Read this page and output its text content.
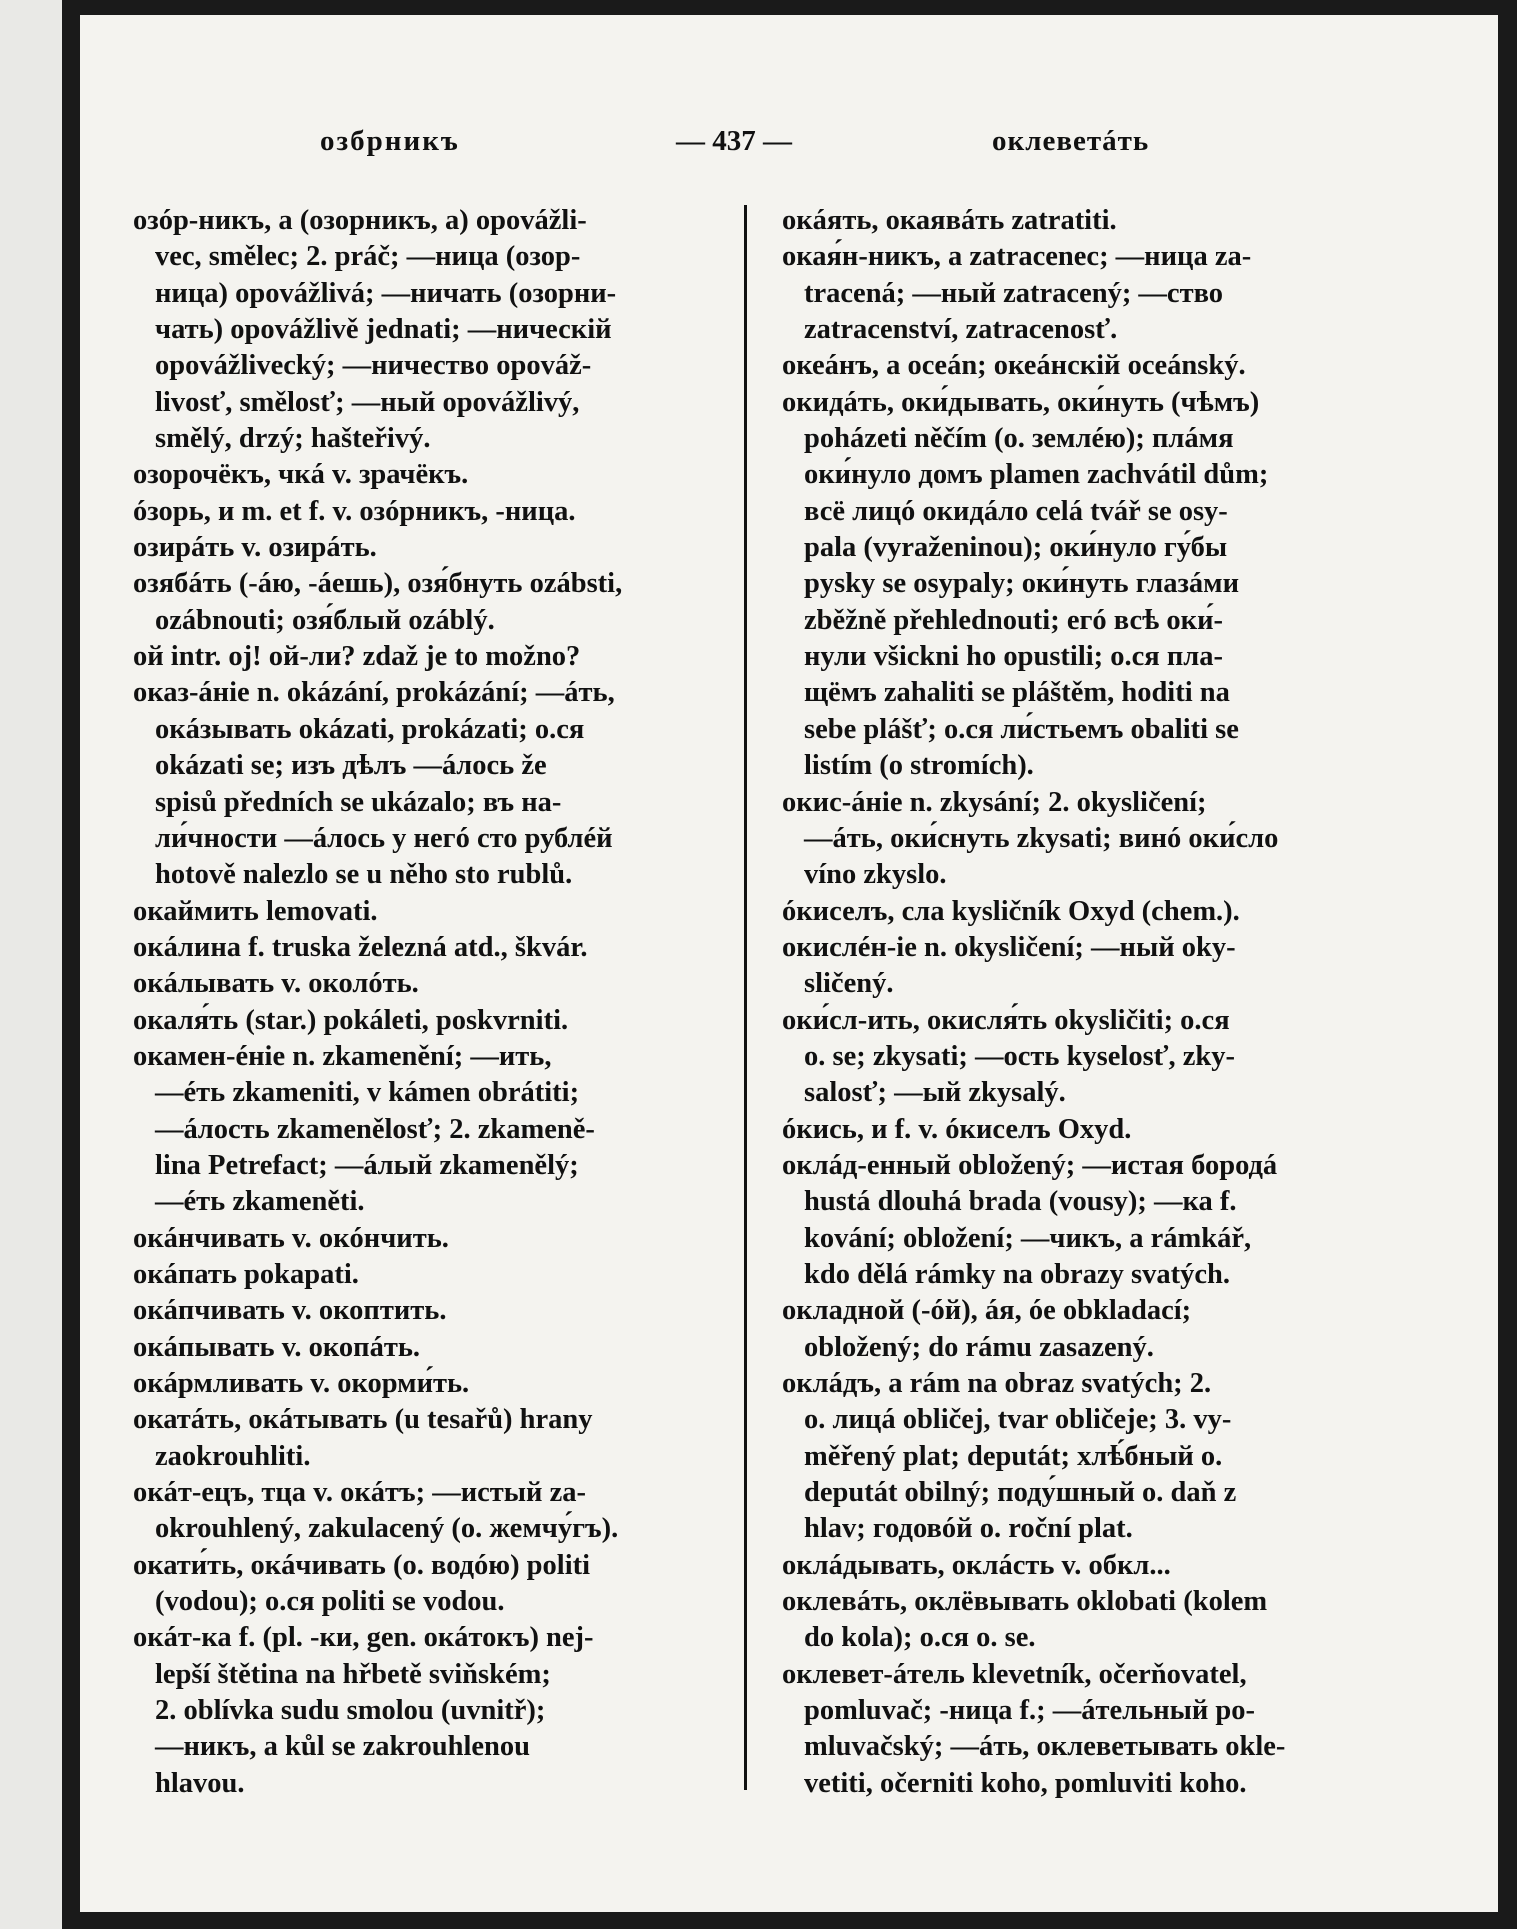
озбрникъ	— 437 —	оклеветáть
озóр-никъ, а (озорникъ, а) opovážli-
vec, smělec; 2. práč; —ница (озор-
ница) opovážlivá; —ничать (озорни-
чать) opovážlivě jednati; —ническій
opovážlivecký; —ничество opováž-
livosť, smělosť; —ный opovážlivý,
smělý, drzý; hašteřivý.
озорочёкъ, чкá v. зрачёкъ.
óзорь, и m. et f. v. озóрникъ, -ница.
озирáть v. озирáть.
озябáть (-áю, -áешь), озя́бнуть ozábsti,
ozábnouti; озя́блый ozáblý.
ой intr. oj! ой-ли? zdaž je to možno?
оказ-áніе n. okázání, prokázání; —áть,
окáзывать okázati, prokázati; о.ся
okázati se; изъ дѣлъ —áлось že
spisů předních se ukázalo; въ на-
ли́чности —áлось у негó сто рублéй
hotově nalezlo se u něho sto rublů.
окаймить lemovati.
окáлина f. truska železná atd., škvár.
окáлывать v. околóть.
окаля́ть (star.) pokáleti, poskvrniti.
окамен-éніе n. zkamenění; —ить,
—éть zkameniti, v kámen obrátiti;
—áлость zkamenělosť; 2. zkameně-
lina Petrefact; —áлый zkamenělý;
—éть zkameněti.
окáнчивать v. окóнчить.
окáпать pokapati.
окáпчивать v. окоптить.
окáпывать v. окопáть.
окáрмливать v. окорми́ть.
окатáть, окáтывать (u tesařů) hrany
zaokrouhliti.
окáт-ецъ, тца v. окáтъ; —истый za-
okrouhlený, zakulacený (o. жемчу́гъ).
окати́ть, окáчивать (о. водóю) politi
(vodou); о.ся politi se vodou.
окáт-ка f. (pl. -ки, gen. окáтокъ) nej-
lepší štětina na hřbetě sviňském;
2. oblívka sudu smolou (uvnitř);
—никъ, a kůl se zakrouhlenou
hlavou.
окáять, окаявáть zatratiti.
окая́н-никъ, а zatracenec; —ница za-
tracená; —ный zatracený; —ство
zatracenství, zatracenosť.
океáнъ, а oceán; океáнскій oceánský.
окидáть, оки́дывать, оки́нуть (чѣмъ)
poházeti něčím (o. землéю); плáмя
оки́нуло домъ plamen zachvátil dům;
всё лицó окидáло celá tvář se osy-
pala (vyraženinou); оки́нуло гу́бы
pysky se osypaly; оки́нуть глазáми
zběžně přehlednouti; егó всѣ оки́-
нули všickni ho opustili; о.ся пла-
щёмъ zahaliti se pláštěm, hoditi na
sebe plášť; о.ся ли́стьемъ obaliti se
listím (o stromích).
окис-áніе n. zkysání; 2. okysličení;
—áть, оки́снуть zkysati; винó оки́сло
víno zkyslo.
óкиселъ, сла kysličník Oxyd (chem.).
окислéн-іе n. okysličení; —ный oky-
sličený.
оки́сл-ить, окисля́ть okysličiti; о.ся
o. se; zkysati; —ость kyselosť, zky-
salosť; —ый zkysalý.
óкись, и f. v. óкиселъ Oxyd.
оклáд-енный obložený; —истая бородá
hustá dlouhá brada (vousy); —ка f.
kování; obložení; —чикъ, а rámkář,
kdo dělá rámky na obrazy svatých.
окладной (-óй), áя, óе obkladací;
obložený; do rámu zasazený.
оклáдъ, а rám na obraz svatých; 2.
o. лицá obličej, tvar obličeje; 3. vy-
měřený plat; deputát; хлѣ́бный о.
deputát obilný; поду́шный о. daň z
hlav; годовóй о. roční plat.
оклáдывать, оклáсть v. обкл...
оклевáть, оклёвывать oklobati (kolem
do kola); о.ся o. se.
оклевет-áтель klevetník, očerňovatel,
pomluvač; -ница f.; —áтельный po-
mluvačský; —áть, оклеветывать okle-
vetiti, očerniti koho, pomluviti koho.
